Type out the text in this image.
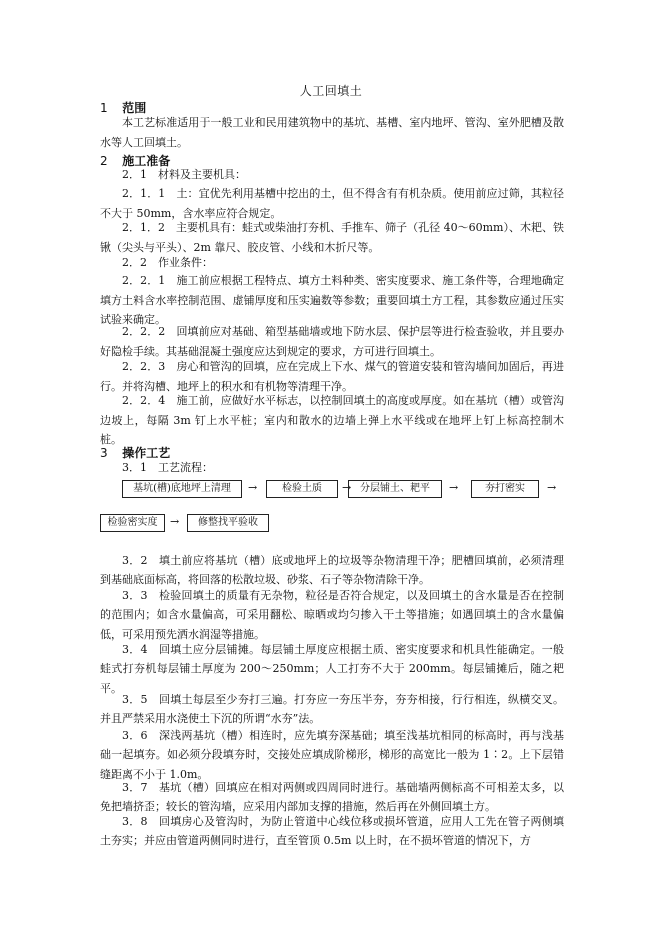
人工回填土
1 范围
本工艺标准适用于一般工业和民用建筑物中的基坑、基槽、室内地坪、管沟、室外肥槽及散水等人工回填土。
2 施工准备
2．1　材料及主要机具：
2．1．1　土：宜优先利用基槽中挖出的土，但不得含有有机杂质。使用前应过筛，其粒径不大于 50mm，含水率应符合规定。
2．1．2　主要机具有：蛙式或柴油打夯机、手推车、筛子（孔径 40～60mm）、木耙、铁锹（尖头与平头）、2m 靠尺、胶皮管、小线和木折尺等。
2．2　作业条件：
2．2．1　施工前应根据工程特点、填方土料种类、密实度要求、施工条件等，合理地确定填方土料含水率控制范围、虚铺厚度和压实遍数等参数；重要回填土方工程，其参数应通过压实试验来确定。
2．2．2　回填前应对基础、箱型基础墙或地下防水层、保护层等进行检查验收，并且要办好隐检手续。其基础混凝土强度应达到规定的要求，方可进行回填土。
2．2．3　房心和管沟的回填，应在完成上下水、煤气的管道安装和管沟墙间加固后，再进行。并将沟槽、地坪上的积水和有机物等清理干净。
2．2．4　施工前，应做好水平标志，以控制回填土的高度或厚度。如在基坑（槽）或管沟边坡上，每隔 3m 钉上水平桩；室内和散水的边墙上弹上水平线或在地坪上钉上标高控制木桩。
3 操作工艺
3．1　工艺流程：
基坑(槽)底地坪上清理	→	检验土质	→ 分层铺土、耙平	→	夯打密实	→
检验密实度	→	修整找平验收
3．2　填土前应将基坑（槽）底或地坪上的垃圾等杂物清理干净；肥槽回填前，必须清理到基础底面标高，将回落的松散垃圾、砂浆、石子等杂物清除干净。
3．3　检验回填土的质量有无杂物，粒径是否符合规定，以及回填土的含水量是否在控制的范围内；如含水量偏高，可采用翻松、晾晒或均匀掺入干土等措施；如遇回填土的含水量偏低，可采用预先洒水润湿等措施。
3．4　回填土应分层铺摊。每层铺土厚度应根据土质、密实度要求和机具性能确定。一般蛙式打夯机每层铺土厚度为 200～250mm；人工打夯不大于 200mm。每层铺摊后，随之耙平。
3．5　回填土每层至少夯打三遍。打夯应一夯压半夯，夯夯相接，行行相连，纵横交叉。并且严禁采用水浇使土下沉的所谓“水夯”法。
3．6　深浅两基坑（槽）相连时，应先填夯深基础；填至浅基坑相同的标高时，再与浅基础一起填夯。如必须分段填夯时，交接处应填成阶梯形，梯形的高宽比一般为 1∶2。上下层错缝距离不小于 1.0m。
3．7　基坑（槽）回填应在相对两侧或四周同时进行。基础墙两侧标高不可相差太多，以免把墙挤歪；较长的管沟墙，应采用内部加支撑的措施，然后再在外侧回填土方。
3．8　回填房心及管沟时，为防止管道中心线位移或损坏管道，应用人工先在管子两侧填土夯实；并应由管道两侧同时进行，直至管顶 0.5m 以上时，在不损坏管道的情况下，方
